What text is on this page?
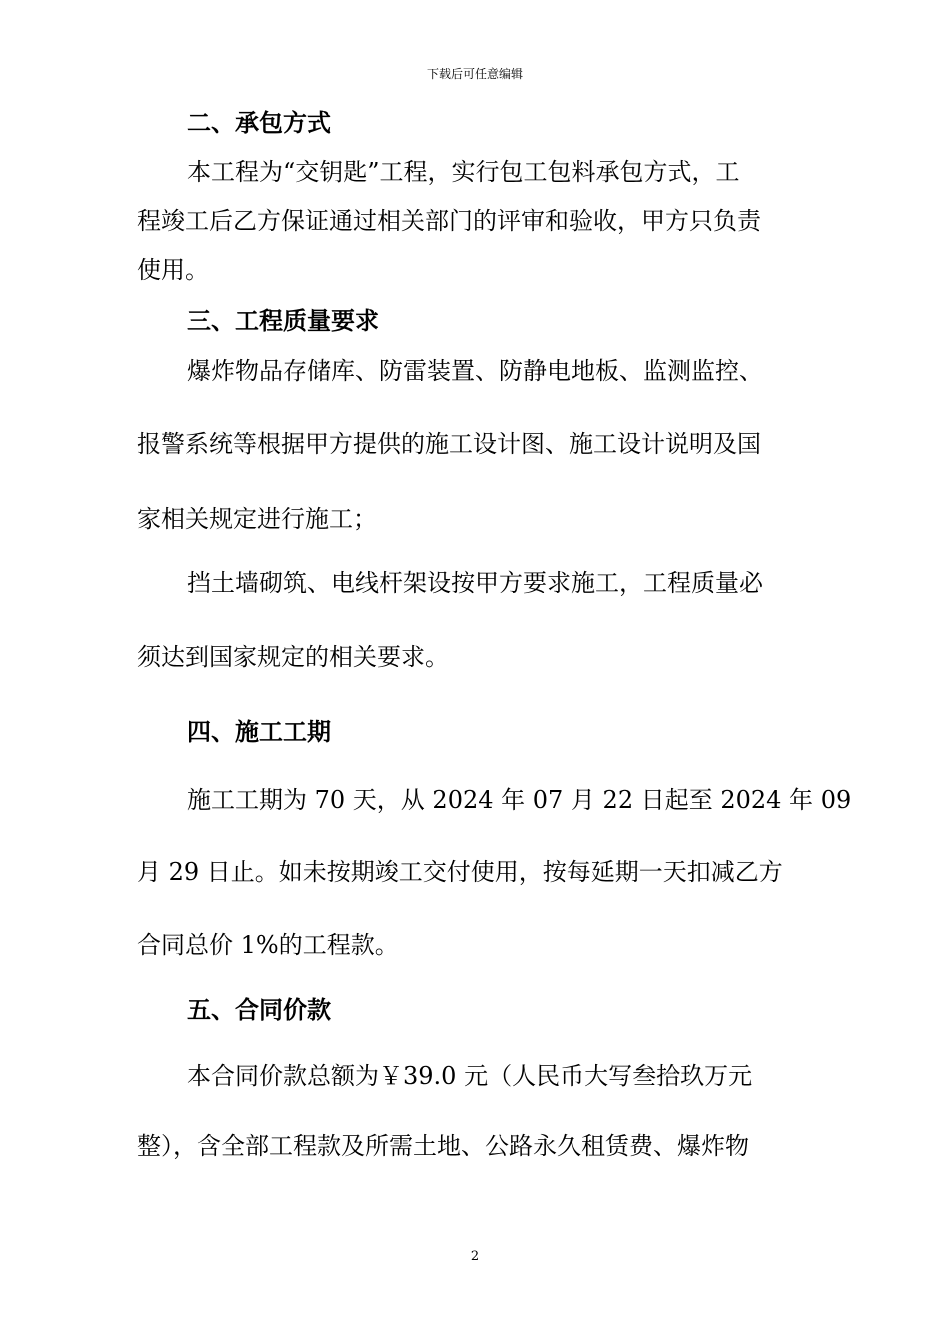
下载后可任意编辑
二、承包方式
本工程为“交钥匙”工程，实行包工包料承包方式，工
程竣工后乙方保证通过相关部门的评审和验收，甲方只负责
使用。
三、工程质量要求
爆炸物品存储库、防雷装置、防静电地板、监测监控、
报警系统等根据甲方提供的施工设计图、施工设计说明及国
家相关规定进行施工；
挡土墙砌筑、电线杆架设按甲方要求施工，工程质量必
须达到国家规定的相关要求。
四、施工工期
施工工期为 70 天，从 2024 年 07 月 22 日起至 2024 年 09
月 29 日止。如未按期竣工交付使用，按每延期一天扣减乙方
合同总价 1%的工程款。
五、合同价款
本合同价款总额为￥39.0 元（人民币大写叁拾玖万元
整），含全部工程款及所需土地、公路永久租赁费、爆炸物
2
